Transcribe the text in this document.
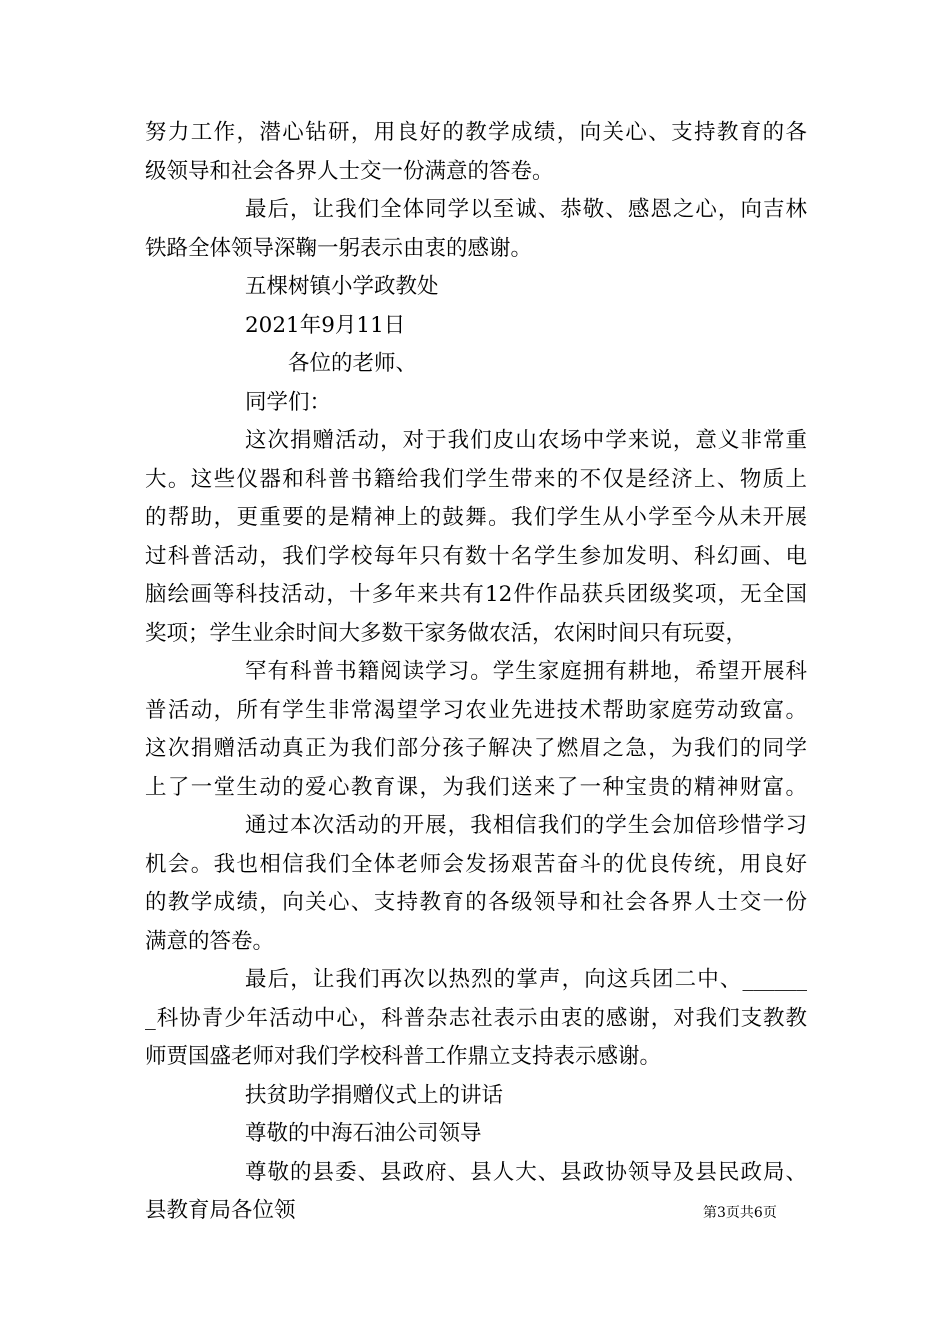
努力工作，潜心钻研，用良好的教学成绩，向关心、支持教育的各
级领导和社会各界人士交一份满意的答卷。
最后，让我们全体同学以至诚、恭敬、感恩之心，向吉林
铁路全体领导深鞠一躬表示由衷的感谢。
五棵树镇小学政教处
2021年9月11日
各位的老师、
同学们：
这次捐赠活动，对于我们皮山农场中学来说，意义非常重
大。这些仪器和科普书籍给我们学生带来的不仅是经济上、物质上
的帮助，更重要的是精神上的鼓舞。我们学生从小学至今从未开展
过科普活动，我们学校每年只有数十名学生参加发明、科幻画、电
脑绘画等科技活动，十多年来共有12件作品获兵团级奖项，无全国
奖项；学生业余时间大多数干家务做农活，农闲时间只有玩耍，
罕有科普书籍阅读学习。学生家庭拥有耕地，希望开展科
普活动，所有学生非常渴望学习农业先进技术帮助家庭劳动致富。
这次捐赠活动真正为我们部分孩子解决了燃眉之急，为我们的同学
上了一堂生动的爱心教育课，为我们送来了一种宝贵的精神财富。
通过本次活动的开展，我相信我们的学生会加倍珍惜学习
机会。我也相信我们全体老师会发扬艰苦奋斗的优良传统，用良好
的教学成绩，向关心、支持教育的各级领导和社会各界人士交一份
满意的答卷。
最后，让我们再次以热烈的掌声，向这兵团二中、______
_科协青少年活动中心，科普杂志社表示由衷的感谢，对我们支教教
师贾国盛老师对我们学校科普工作鼎立支持表示感谢。
扶贫助学捐赠仪式上的讲话
尊敬的中海石油公司领导
尊敬的县委、县政府、县人大、县政协领导及县民政局、
县教育局各位领	第3页共6页
